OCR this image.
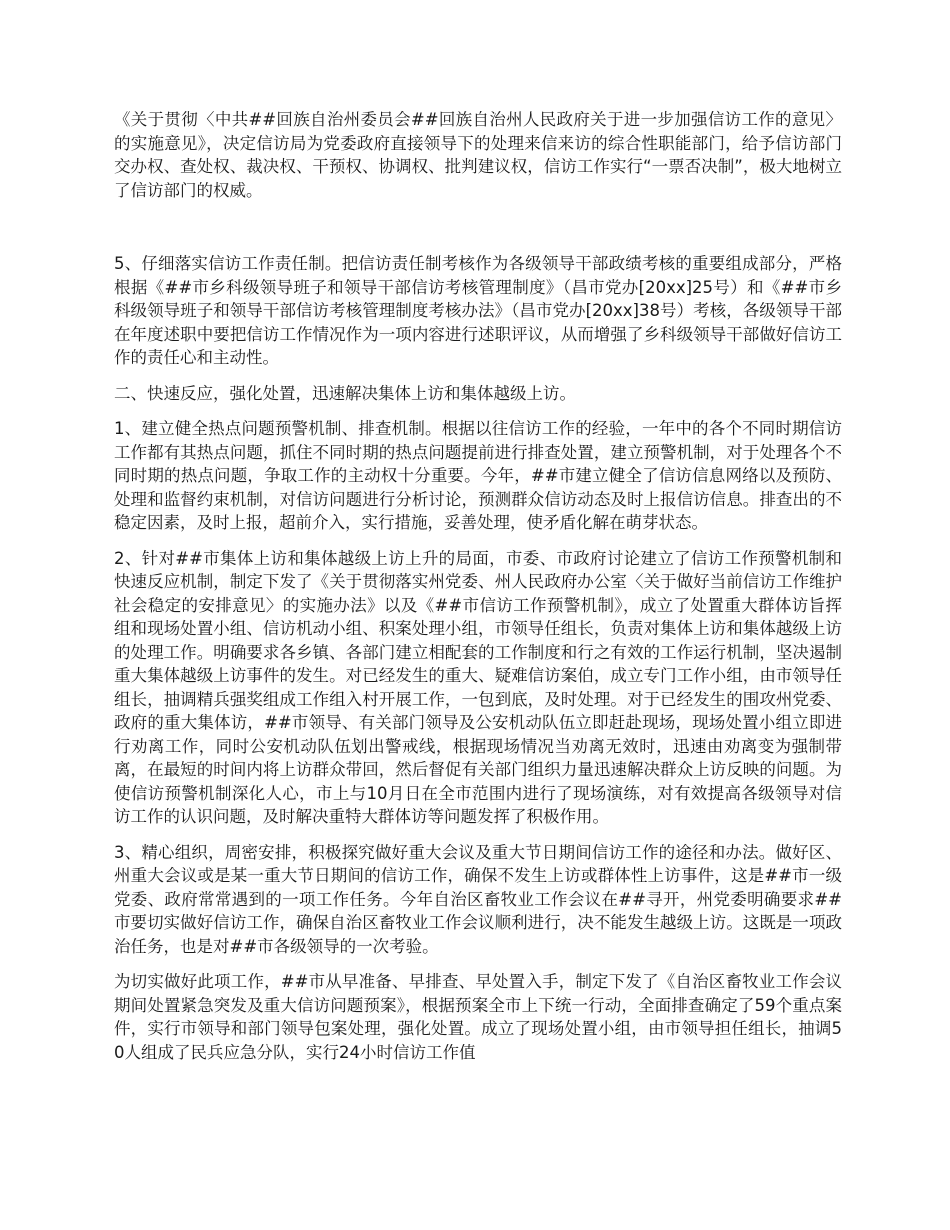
《关于贯彻〈中共##回族自治州委员会##回族自治州人民政府关于进一步加强信访工作的意见〉的实施意见》，决定信访局为党委政府直接领导下的处理来信来访的综合性职能部门，给予信访部门交办权、查处权、裁决权、干预权、协调权、批判建议权，信访工作实行“一票否决制”，极大地树立了信访部门的权威。

5、仔细落实信访工作责任制。把信访责任制考核作为各级领导干部政绩考核的重要组成部分，严格根据《##市乡科级领导班子和领导干部信访考核管理制度》（昌市党办[20xx]25号）和《##市乡科级领导班子和领导干部信访考核管理制度考核办法》（昌市党办[20xx]38号）考核，各级领导干部在年度述职中要把信访工作情况作为一项内容进行述职评议，从而增强了乡科级领导干部做好信访工作的责任心和主动性。

二、快速反应，强化处置，迅速解决集体上访和集体越级上访。

1、建立健全热点问题预警机制、排查机制。根据以往信访工作的经验，一年中的各个不同时期信访工作都有其热点问题，抓住不同时期的热点问题提前进行排查处置，建立预警机制，对于处理各个不同时期的热点问题，争取工作的主动权十分重要。今年，##市建立健全了信访信息网络以及预防、处理和监督约束机制，对信访问题进行分析讨论，预测群众信访动态及时上报信访信息。排查出的不稳定因素，及时上报，超前介入，实行措施，妥善处理，使矛盾化解在萌芽状态。

2、针对##市集体上访和集体越级上访上升的局面，市委、市政府讨论建立了信访工作预警机制和快速反应机制，制定下发了《关于贯彻落实州党委、州人民政府办公室〈关于做好当前信访工作维护社会稳定的安排意见〉的实施办法》以及《##市信访工作预警机制》，成立了处置重大群体访旨挥组和现场处置小组、信访机动小组、积案处理小组，市领导任组长，负责对集体上访和集体越级上访的处理工作。明确要求各乡镇、各部门建立相配套的工作制度和行之有效的工作运行机制，坚决遏制重大集体越级上访事件的发生。对已经发生的重大、疑难信访案伯，成立专门工作小组，由市领导任组长，抽调精兵强奖组成工作组入村开展工作，一包到底，及时处理。对于已经发生的围攻州党委、政府的重大集体访，##市领导、有关部门领导及公安机动队伍立即赶赴现场，现场处置小组立即进行劝离工作，同时公安机动队伍划出警戒线，根据现场情况当劝离无效时，迅速由劝离变为强制带离，在最短的时间内将上访群众带回，然后督促有关部门组织力量迅速解决群众上访反映的问题。为使信访预警机制深化人心，市上与10月日在全市范围内进行了现场演练，对有效提高各级领导对信访工作的认识问题，及时解决重特大群体访等问题发挥了积极作用。

3、精心组织，周密安排，积极探究做好重大会议及重大节日期间信访工作的途径和办法。做好区、州重大会议或是某一重大节日期间的信访工作，确保不发生上访或群体性上访事件，这是##市一级党委、政府常常遇到的一项工作任务。今年自治区畜牧业工作会议在##寻开，州党委明确要求##市要切实做好信访工作，确保自治区畜牧业工作会议顺利进行，决不能发生越级上访。这既是一项政治任务，也是对##市各级领导的一次考验。

为切实做好此项工作，##市从早准备、早排查、早处置入手，制定下发了《自治区畜牧业工作会议期间处置紧急突发及重大信访问题预案》，根据预案全市上下统一行动，全面排查确定了59个重点案件，实行市领导和部门领导包案处理，强化处置。成立了现场处置小组，由市领导担任组长，抽调50人组成了民兵应急分队，实行24小时信访工作值
